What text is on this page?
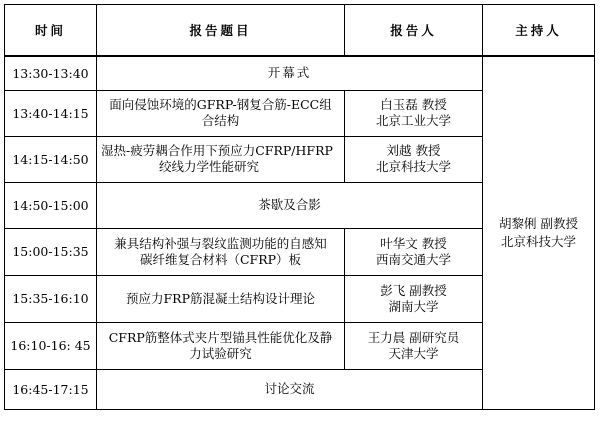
时间	报告题目	报告人	主持人
13:30-13:40	开幕式		胡黎俐 副教授
北京科技大学

13:40-14:15	面向侵蚀环境的GFRP-钢复合筋-ECC组
合结构	白玉磊 教授
北京工业大学	

14:15-14:50	湿热-疲劳耦合作用下预应力CFRP/HFRP
绞线力学性能研究	刘越 教授
北京科技大学	

14:50-15:00	茶歇及合影		
15:00-15:35	兼具结构补强与裂纹监测功能的自感知
碳纤维复合材料（CFRP）板	叶华文 教授
西南交通大学	

15:35-16:10	预应力FRP筋混凝土结构设计理论	彭飞 副教授
湖南大学	

16:10-16: 45	CFRP筋整体式夹片型锚具性能优化及静
力试验研究	王力晨 副研究员
天津大学	

16:45-17:15	讨论交流		
